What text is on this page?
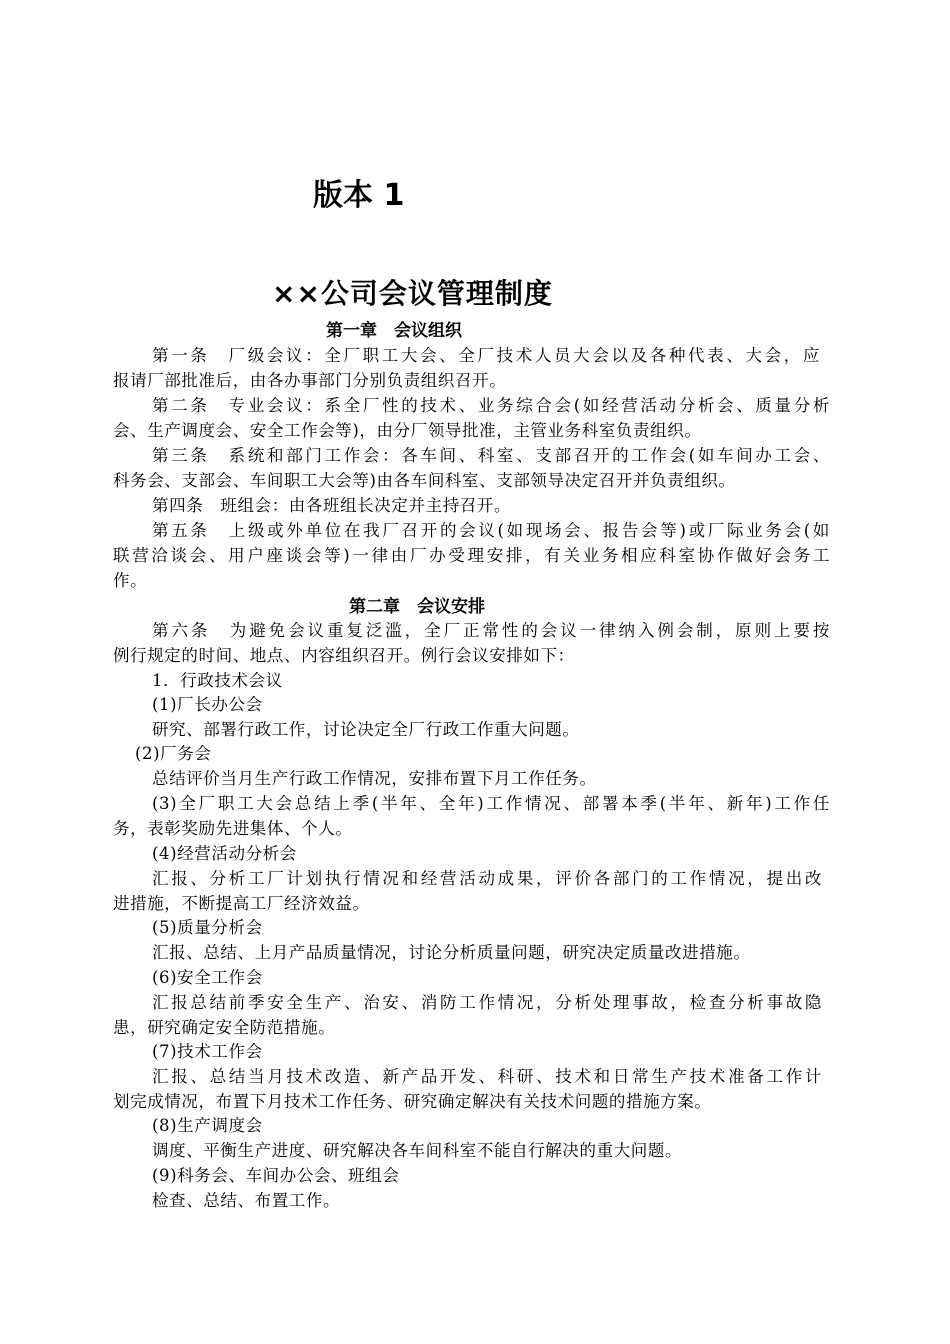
版本 1
××公司会议管理制度
第一章　会议组织
第一条　厂级会议：全厂职工大会、全厂技术人员大会以及各种代表、大会，应
报请厂部批准后，由各办事部门分别负责组织召开。
第二条　专业会议：系全厂性的技术、业务综合会(如经营活动分析会、质量分析
会、生产调度会、安全工作会等)，由分厂领导批准，主管业务科室负责组织。
第三条　系统和部门工作会：各车间、科室、支部召开的工作会(如车间办工会、
科务会、支部会、车间职工大会等)由各车间科室、支部领导决定召开并负责组织。
第四条　班组会：由各班组长决定并主持召开。
第五条　上级或外单位在我厂召开的会议(如现场会、报告会等)或厂际业务会(如
联营洽谈会、用户座谈会等)一律由厂办受理安排，有关业务相应科室协作做好会务工
作。
第二章　会议安排
第六条　为避免会议重复泛滥，全厂正常性的会议一律纳入例会制，原则上要按
例行规定的时间、地点、内容组织召开。例行会议安排如下：
1．行政技术会议
(1)厂长办公会
研究、部署行政工作，讨论决定全厂行政工作重大问题。
(2)厂务会
总结评价当月生产行政工作情况，安排布置下月工作任务。
(3)全厂职工大会总结上季(半年、全年)工作情况、部署本季(半年、新年)工作任
务，表彰奖励先进集体、个人。
(4)经营活动分析会
汇报、分析工厂计划执行情况和经营活动成果，评价各部门的工作情况，提出改
进措施，不断提高工厂经济效益。
(5)质量分析会
汇报、总结、上月产品质量情况，讨论分析质量问题，研究决定质量改进措施。
(6)安全工作会
汇报总结前季安全生产、治安、消防工作情况，分析处理事故，检查分析事故隐
患，研究确定安全防范措施。
(7)技术工作会
汇报、总结当月技术改造、新产品开发、科研、技术和日常生产技术准备工作计
划完成情况，布置下月技术工作任务、研究确定解决有关技术问题的措施方案。
(8)生产调度会
调度、平衡生产进度、研究解决各车间科室不能自行解决的重大问题。
(9)科务会、车间办公会、班组会
检查、总结、布置工作。
